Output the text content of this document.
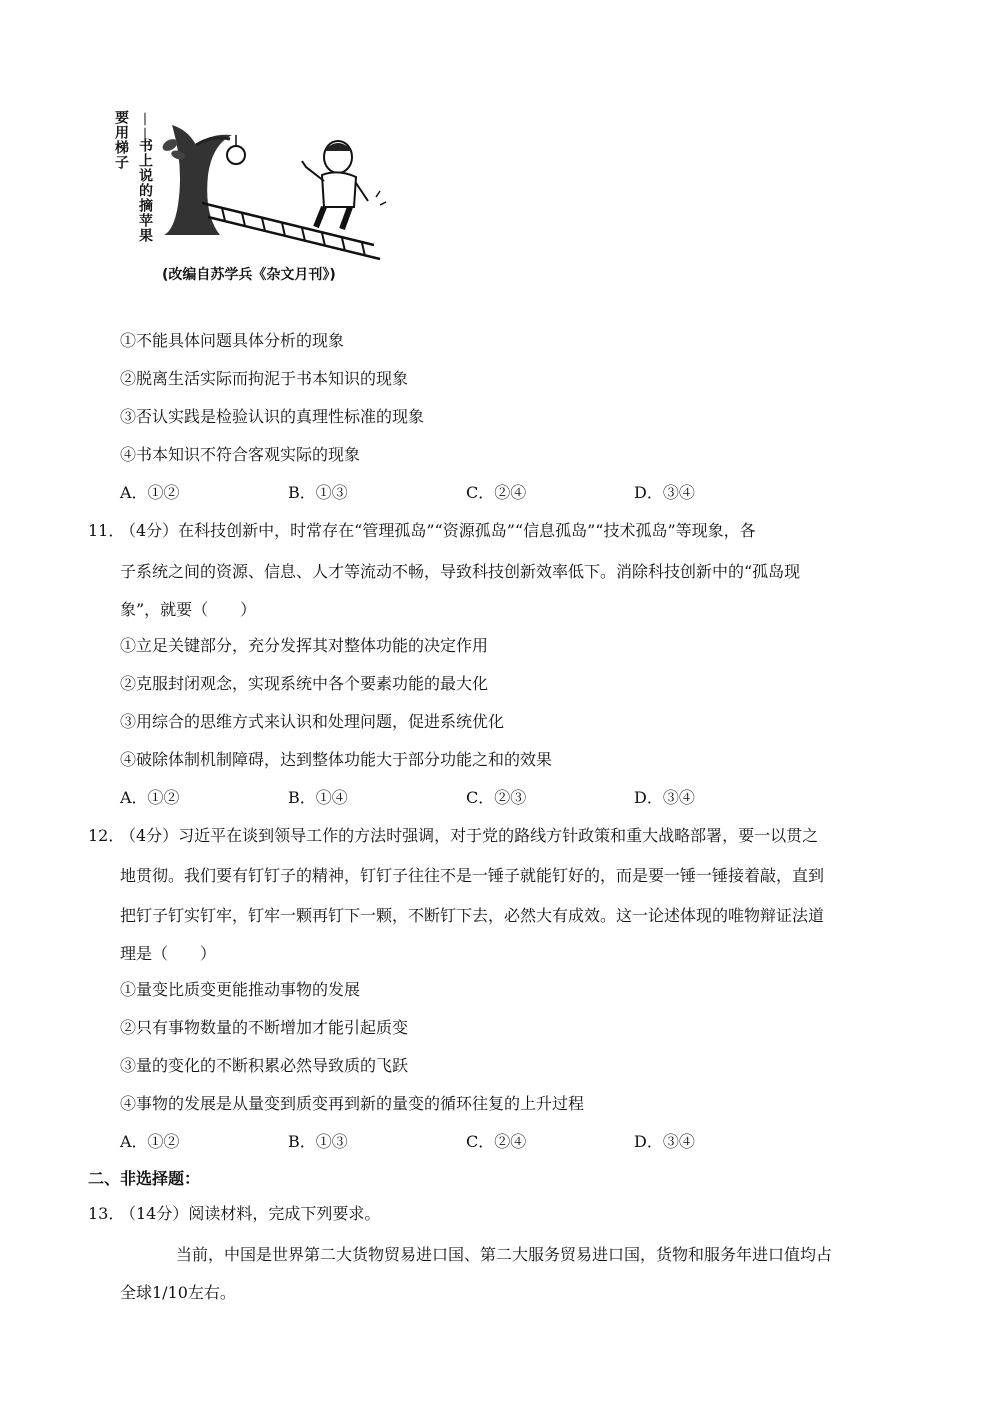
要用梯子 ——
书上说的摘苹果
(改编自苏学兵《杂文月刊》)
①不能具体问题具体分析的现象
②脱离生活实际而拘泥于书本知识的现象
③否认实践是检验认识的真理性标准的现象
④书本知识不符合客观实际的现象
A．①②	B．①③	C．②④	D．③④
11．
（4分）在科技创新中，时常存在“管理孤岛”“资源孤岛”“信息孤岛”“技术孤岛”等现象，各
子系统之间的资源、信息、人才等流动不畅，导致科技创新效率低下。消除科技创新中的“孤岛现
象”，就要（　　）
①立足关键部分，充分发挥其对整体功能的决定作用
②克服封闭观念，实现系统中各个要素功能的最大化
③用综合的思维方式来认识和处理问题，促进系统优化
④破除体制机制障碍，达到整体功能大于部分功能之和的效果
A．①②	B．①④	C．②③	D．③④
12．
（4分）习近平在谈到领导工作的方法时强调，对于党的路线方针政策和重大战略部署，要一以贯之
地贯彻。我们要有钉钉子的精神，钉钉子往往不是一锤子就能钉好的，而是要一锤一锤接着敲，直到
把钉子钉实钉牢，钉牢一颗再钉下一颗，不断钉下去，必然大有成效。这一论述体现的唯物辩证法道
理是（　　）
①量变比质变更能推动事物的发展
②只有事物数量的不断增加才能引起质变
③量的变化的不断积累必然导致质的飞跃
④事物的发展是从量变到质变再到新的量变的循环往复的上升过程
A．①②	B．①③	C．②④	D．③④
二、非选择题：
13．
（14分）阅读材料，完成下列要求。
当前，中国是世界第二大货物贸易进口国、第二大服务贸易进口国，货物和服务年进口值均占
全球1/10左右。
